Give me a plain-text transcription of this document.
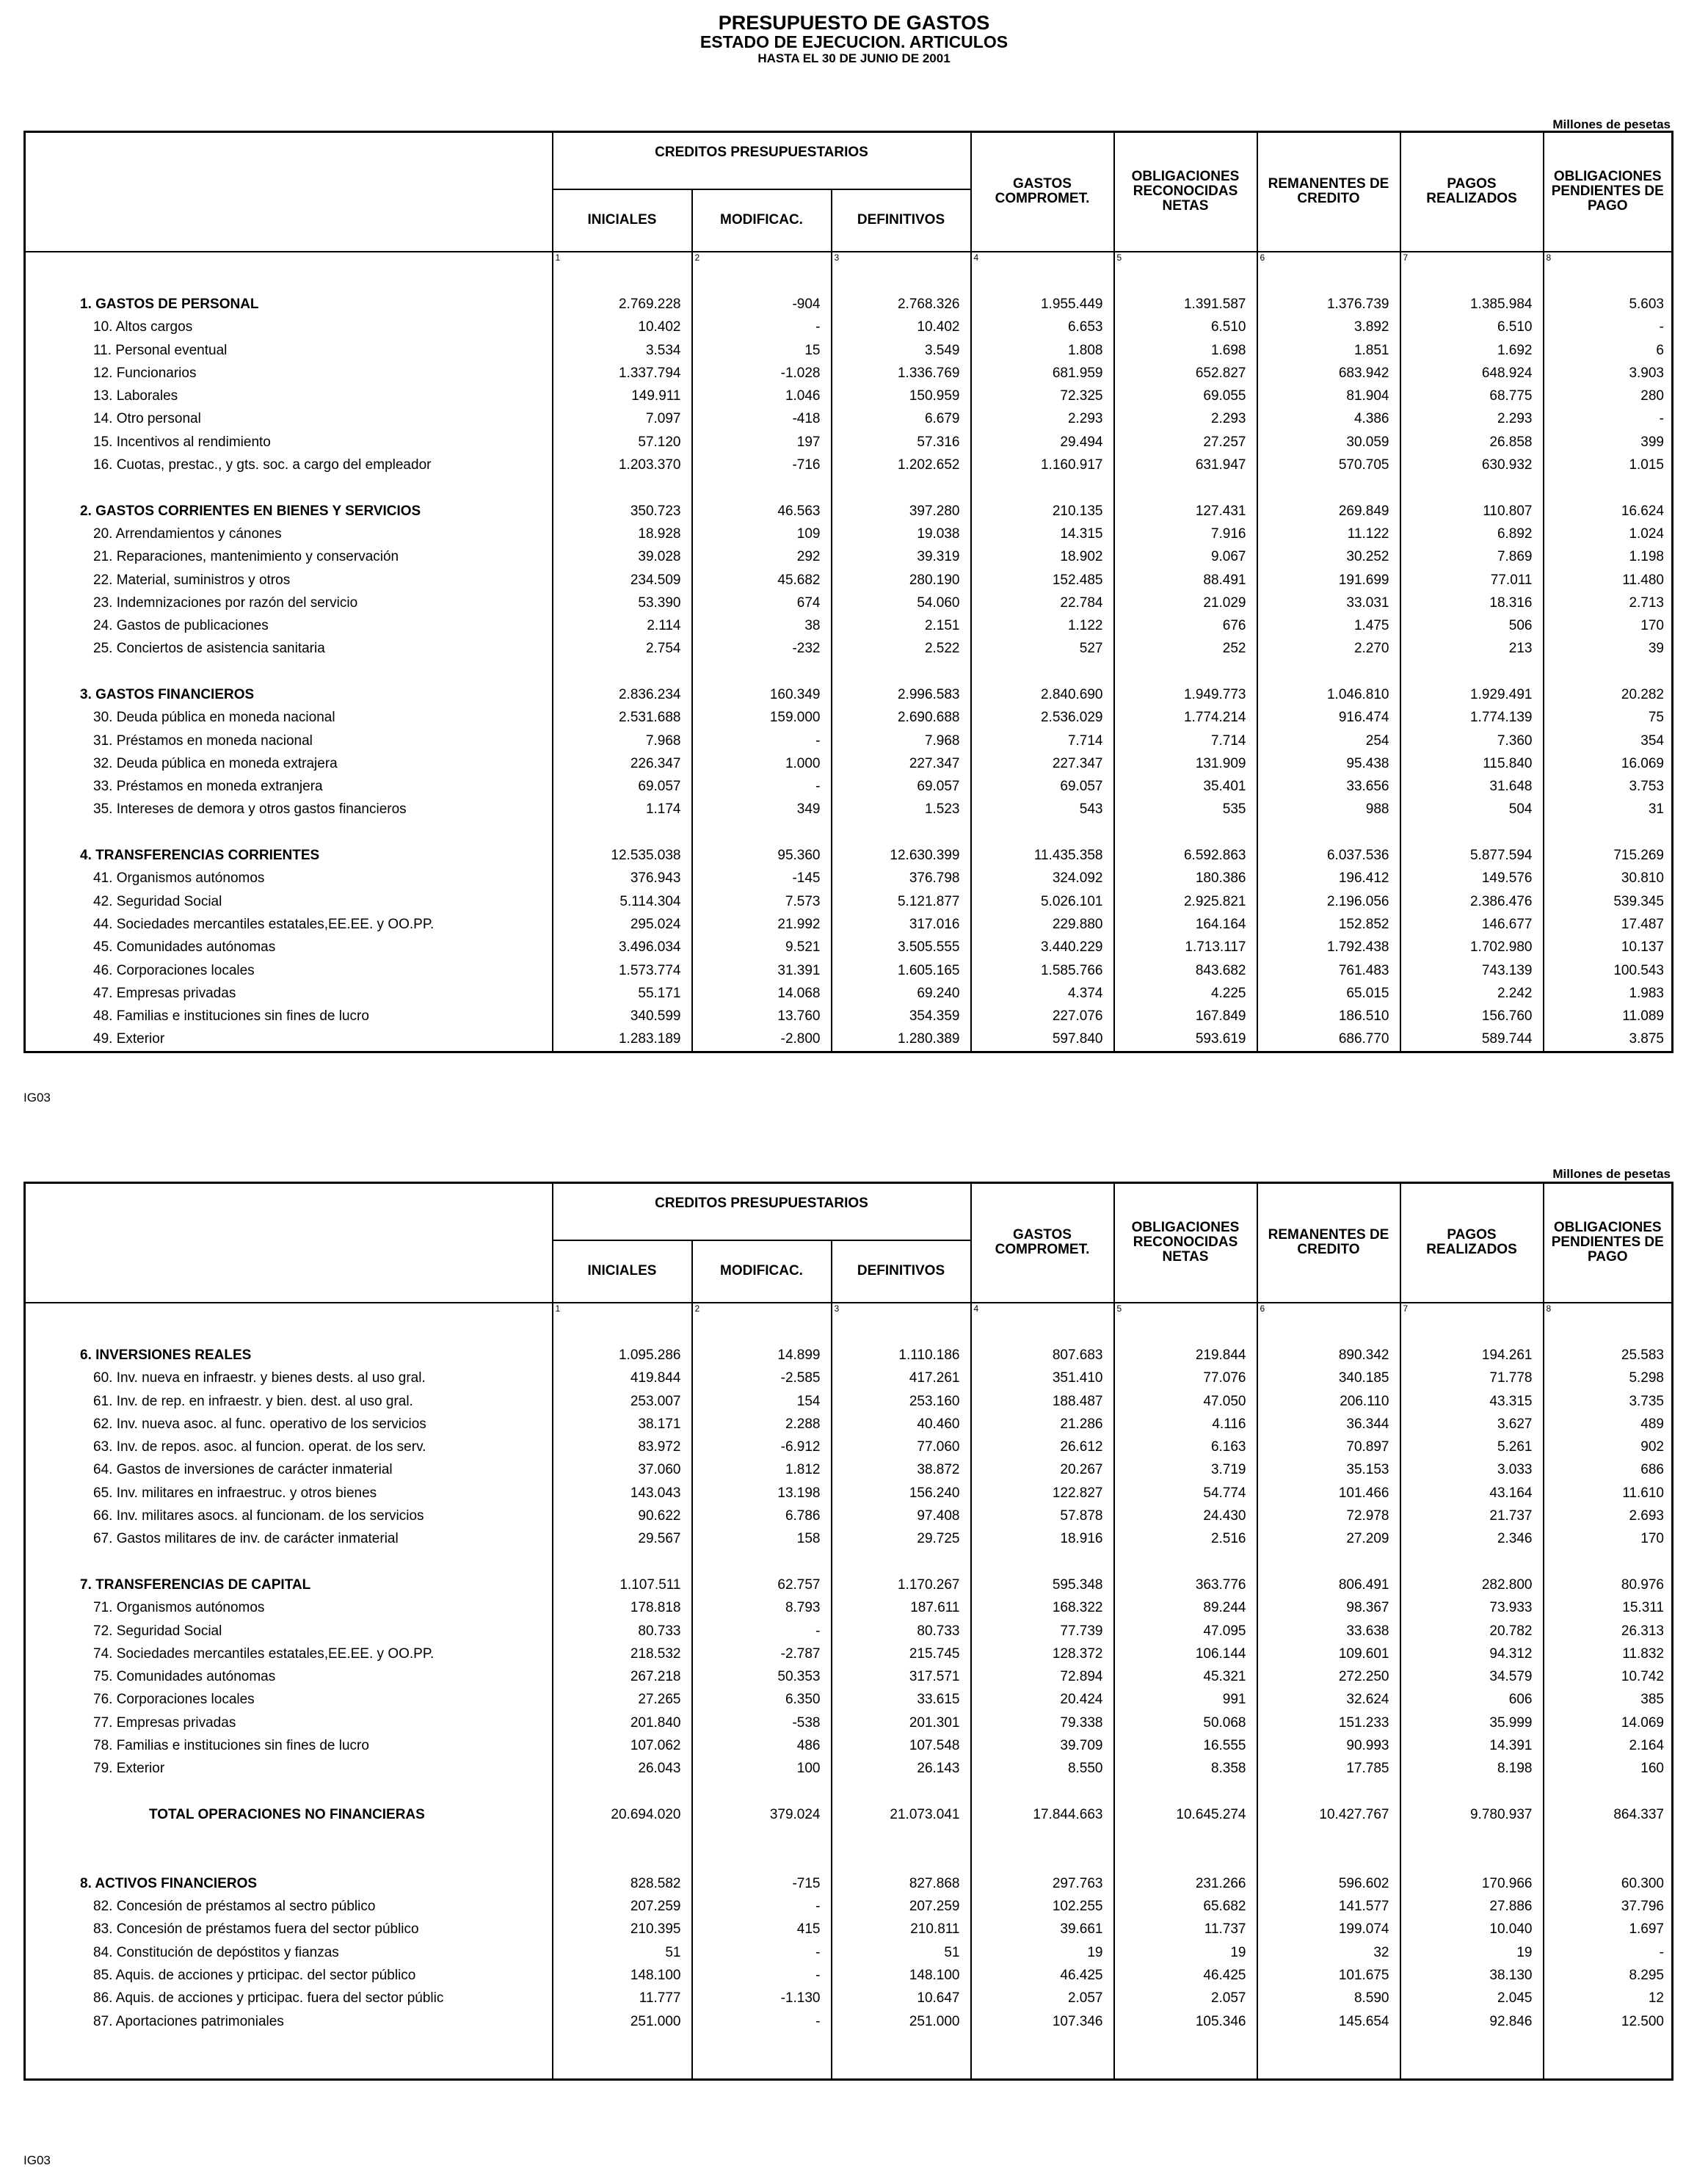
PRESUPUESTO DE GASTOS
ESTADO DE EJECUCION. ARTICULOS
HASTA EL 30 DE JUNIO DE 2001
Millones de pesetas
IG03
Millones de pesetas
IG03
	CREDITOS PRESUPUESTARIOS			GASTOS COMPROMET.	OBLIGACIONES RECONOCIDAS NETAS	REMANENTES DE CREDITO	PAGOS REALIZADOS	OBLIGACIONES PENDIENTES DE PAGO
	INICIALES	MODIFICAC.	DEFINITIVOS					
	1	2	3	4	5	6	7	8

1. GASTOS DE PERSONAL	2.769.228	-904	2.768.326	1.955.449	1.391.587	1.376.739	1.385.984	5.603
10. Altos cargos	10.402	-	10.402	6.653	6.510	3.892	6.510	-
11. Personal eventual	3.534	15	3.549	1.808	1.698	1.851	1.692	6
12. Funcionarios	1.337.794	-1.028	1.336.769	681.959	652.827	683.942	648.924	3.903
13. Laborales	149.911	1.046	150.959	72.325	69.055	81.904	68.775	280
14. Otro personal	7.097	-418	6.679	2.293	2.293	4.386	2.293	-
15. Incentivos al rendimiento	57.120	197	57.316	29.494	27.257	30.059	26.858	399
16. Cuotas, prestac., y gts. soc. a cargo del empleador	1.203.370	-716	1.202.652	1.160.917	631.947	570.705	630.932	1.015

2. GASTOS CORRIENTES EN BIENES Y SERVICIOS	350.723	46.563	397.280	210.135	127.431	269.849	110.807	16.624
20. Arrendamientos y cánones	18.928	109	19.038	14.315	7.916	11.122	6.892	1.024
21. Reparaciones, mantenimiento y conservación	39.028	292	39.319	18.902	9.067	30.252	7.869	1.198
22. Material, suministros y otros	234.509	45.682	280.190	152.485	88.491	191.699	77.011	11.480
23. Indemnizaciones por razón del servicio	53.390	674	54.060	22.784	21.029	33.031	18.316	2.713
24. Gastos de publicaciones	2.114	38	2.151	1.122	676	1.475	506	170
25. Conciertos de asistencia sanitaria	2.754	-232	2.522	527	252	2.270	213	39

3. GASTOS FINANCIEROS	2.836.234	160.349	2.996.583	2.840.690	1.949.773	1.046.810	1.929.491	20.282
30. Deuda pública en moneda nacional	2.531.688	159.000	2.690.688	2.536.029	1.774.214	916.474	1.774.139	75
31. Préstamos en moneda nacional	7.968	-	7.968	7.714	7.714	254	7.360	354
32. Deuda pública en moneda extrajera	226.347	1.000	227.347	227.347	131.909	95.438	115.840	16.069
33. Préstamos en moneda extranjera	69.057	-	69.057	69.057	35.401	33.656	31.648	3.753
35. Intereses de demora y otros gastos financieros	1.174	349	1.523	543	535	988	504	31

4. TRANSFERENCIAS CORRIENTES	12.535.038	95.360	12.630.399	11.435.358	6.592.863	6.037.536	5.877.594	715.269
41. Organismos autónomos	376.943	-145	376.798	324.092	180.386	196.412	149.576	30.810
42. Seguridad Social	5.114.304	7.573	5.121.877	5.026.101	2.925.821	2.196.056	2.386.476	539.345
44. Sociedades mercantiles estatales,EE.EE. y OO.PP.	295.024	21.992	317.016	229.880	164.164	152.852	146.677	17.487
45. Comunidades autónomas	3.496.034	9.521	3.505.555	3.440.229	1.713.117	1.792.438	1.702.980	10.137
46. Corporaciones locales	1.573.774	31.391	1.605.165	1.585.766	843.682	761.483	743.139	100.543
47. Empresas privadas	55.171	14.068	69.240	4.374	4.225	65.015	2.242	1.983
48. Familias e instituciones sin fines de lucro	340.599	13.760	354.359	227.076	167.849	186.510	156.760	11.089
49. Exterior	1.283.189	-2.800	1.280.389	597.840	593.619	686.770	589.744	3.875
	CREDITOS PRESUPUESTARIOS			GASTOS COMPROMET.	OBLIGACIONES RECONOCIDAS NETAS	REMANENTES DE CREDITO	PAGOS REALIZADOS	OBLIGACIONES PENDIENTES DE PAGO
	INICIALES	MODIFICAC.	DEFINITIVOS					
	1	2	3	4	5	6	7	8

6. INVERSIONES REALES	1.095.286	14.899	1.110.186	807.683	219.844	890.342	194.261	25.583
60. Inv. nueva en infraestr. y bienes dests. al uso gral.	419.844	-2.585	417.261	351.410	77.076	340.185	71.778	5.298
61. Inv. de rep. en infraestr. y bien. dest. al uso gral.	253.007	154	253.160	188.487	47.050	206.110	43.315	3.735
62. Inv. nueva asoc. al func. operativo de los servicios	38.171	2.288	40.460	21.286	4.116	36.344	3.627	489
63. Inv. de repos. asoc. al funcion. operat. de los serv.	83.972	-6.912	77.060	26.612	6.163	70.897	5.261	902
64. Gastos de inversiones de carácter inmaterial	37.060	1.812	38.872	20.267	3.719	35.153	3.033	686
65. Inv. militares en infraestruc. y otros bienes	143.043	13.198	156.240	122.827	54.774	101.466	43.164	11.610
66. Inv. militares asocs. al funcionam. de los servicios	90.622	6.786	97.408	57.878	24.430	72.978	21.737	2.693
67. Gastos militares de inv. de carácter inmaterial	29.567	158	29.725	18.916	2.516	27.209	2.346	170

7. TRANSFERENCIAS DE CAPITAL	1.107.511	62.757	1.170.267	595.348	363.776	806.491	282.800	80.976
71. Organismos autónomos	178.818	8.793	187.611	168.322	89.244	98.367	73.933	15.311
72. Seguridad Social	80.733	-	80.733	77.739	47.095	33.638	20.782	26.313
74. Sociedades mercantiles estatales,EE.EE. y OO.PP.	218.532	-2.787	215.745	128.372	106.144	109.601	94.312	11.832
75. Comunidades autónomas	267.218	50.353	317.571	72.894	45.321	272.250	34.579	10.742
76. Corporaciones locales	27.265	6.350	33.615	20.424	991	32.624	606	385
77. Empresas privadas	201.840	-538	201.301	79.338	50.068	151.233	35.999	14.069
78. Familias e instituciones sin fines de lucro	107.062	486	107.548	39.709	16.555	90.993	14.391	2.164
79. Exterior	26.043	100	26.143	8.550	8.358	17.785	8.198	160

TOTAL OPERACIONES NO FINANCIERAS	20.694.020	379.024	21.073.041	17.844.663	10.645.274	10.427.767	9.780.937	864.337

8. ACTIVOS FINANCIEROS	828.582	-715	827.868	297.763	231.266	596.602	170.966	60.300
82. Concesión de préstamos al sectro público	207.259	-	207.259	102.255	65.682	141.577	27.886	37.796
83. Concesión de préstamos fuera del sector público	210.395	415	210.811	39.661	11.737	199.074	10.040	1.697
84. Constitución de depóstitos y fianzas	51	-	51	19	19	32	19	-
85. Aquis. de acciones y prticipac. del sector público	148.100	-	148.100	46.425	46.425	101.675	38.130	8.295
86. Aquis. de acciones y prticipac. fuera del sector públic	11.777	-1.130	10.647	2.057	2.057	8.590	2.045	12
87. Aportaciones patrimoniales	251.000	-	251.000	107.346	105.346	145.654	92.846	12.500
